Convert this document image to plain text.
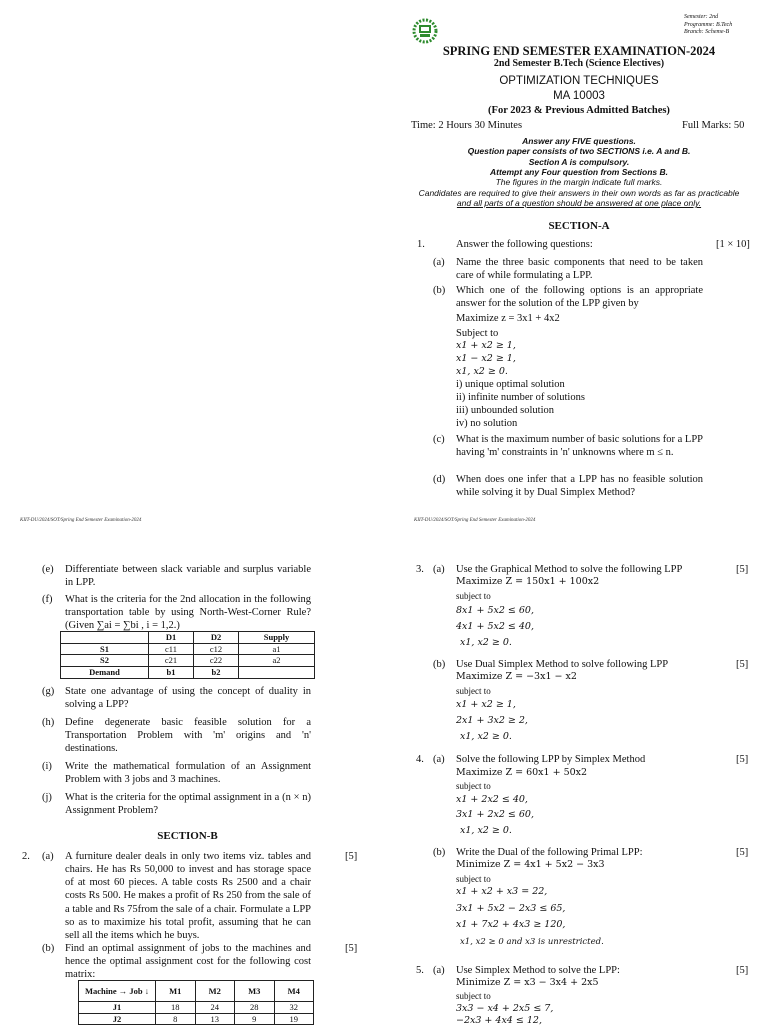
Semester: 2nd
Programme: B.Tech
Branch: Scheme-B
SPRING END SEMESTER EXAMINATION-2024
2nd Semester B.Tech (Science Electives)
OPTIMIZATION TECHNIQUES
MA 10003
(For 2023 & Previous Admitted Batches)
Time: 2 Hours 30 Minutes	Full Marks: 50
Answer any FIVE questions.
Question paper consists of two SECTIONS i.e. A and B.
Section A is compulsory.
Attempt any Four question from Sections B.
The figures in the margin indicate full marks.
Candidates are required to give their answers in their own words as far as practicable
and all parts of a question should be answered at one place only.
SECTION-A
1.	Answer the following questions:	[1 × 10]
(a) Name the three basic components that need to be taken care of while formulating a LPP.
(b) Which one of the following options is an appropriate answer for the solution of the LPP given by
Maximize z = 3x1 + 4x2
Subject to
x1 + x2 ≥ 1,
x1 − x2 ≥ 1,
x1, x2 ≥ 0.
i) unique optimal solution
ii) infinite number of solutions
iii) unbounded solution
iv) no solution
(c) What is the maximum number of basic solutions for a LPP having 'm' constraints in 'n' unknowns where m ≤ n.
(d) When does one infer that a LPP has no feasible solution while solving it by Dual Simplex Method?
KIIT-DU/2024/SOT/Spring End Semester Examination-2024	KIIT-DU/2024/SOT/Spring End Semester Examination-2024
(e) Differentiate between slack variable and surplus variable in LPP.
(f) What is the criteria for the 2nd allocation in the following transportation table by using North-West-Corner Rule? (Given ∑ai = ∑bi , i = 1,2.)
	D1	D2	Supply
S1	c11	c12	a1
S2	c21	c22	a2
Demand	b1	b2	
(g) State one advantage of using the concept of duality in solving a LPP?
(h) Define degenerate basic feasible solution for a Transportation Problem with 'm' origins and 'n' destinations.
(i) Write the mathematical formulation of an Assignment Problem with 3 jobs and 3 machines.
(j) What is the criteria for the optimal assignment in a (n × n) Assignment Problem?
SECTION-B
2. (a) A furniture dealer deals in only two items viz. tables and chairs. He has Rs 50,000 to invest and has storage space of at most 60 pieces. A table costs Rs 2500 and a chair costs Rs 500. He makes a profit of Rs 250 from the sale of a table and Rs 75from the sale of a chair. Formulate a LPP so as to maximize his total profit, assuming that he can sell all the items which he buys.
[5]
(b) Find an optimal assignment of jobs to the machines and hence the optimal assignment cost for the following cost matrix:
[5]
Machine → Job ↓	M1	M2	M3	M4
J1	18	24	28	32
J2	8	13	9	19
3. (a) Use the Graphical Method to solve the following LPP	[5]
Maximize Z = 150x1 + 100x2
subject to
8x1 + 5x2 ≤ 60,
4x1 + 5x2 ≤ 40,
x1, x2 ≥ 0.
(b) Use Dual Simplex Method to solve following LPP	[5]
Maximize Z = −3x1 − x2
subject to
x1 + x2 ≥ 1,
2x1 + 3x2 ≥ 2,
x1, x2 ≥ 0.
4. (a) Solve the following LPP by Simplex Method	[5]
Maximize Z = 60x1 + 50x2
subject to
x1 + 2x2 ≤ 40,
3x1 + 2x2 ≤ 60,
x1, x2 ≥ 0.
(b) Write the Dual of the following Primal LPP:	[5]
Minimize Z = 4x1 + 5x2 − 3x3
subject to
x1 + x2 + x3 = 22,
3x1 + 5x2 − 2x3 ≤ 65,
x1 + 7x2 + 4x3 ≥ 120,
x1, x2 ≥ 0 and x3 is unrestricted.
5. (a) Use Simplex Method to solve the LPP:	[5]
Minimize Z = x3 − 3x4 + 2x5
subject to
3x3 − x4 + 2x5 ≤ 7,
−2x3 + 4x4 ≤ 12,
